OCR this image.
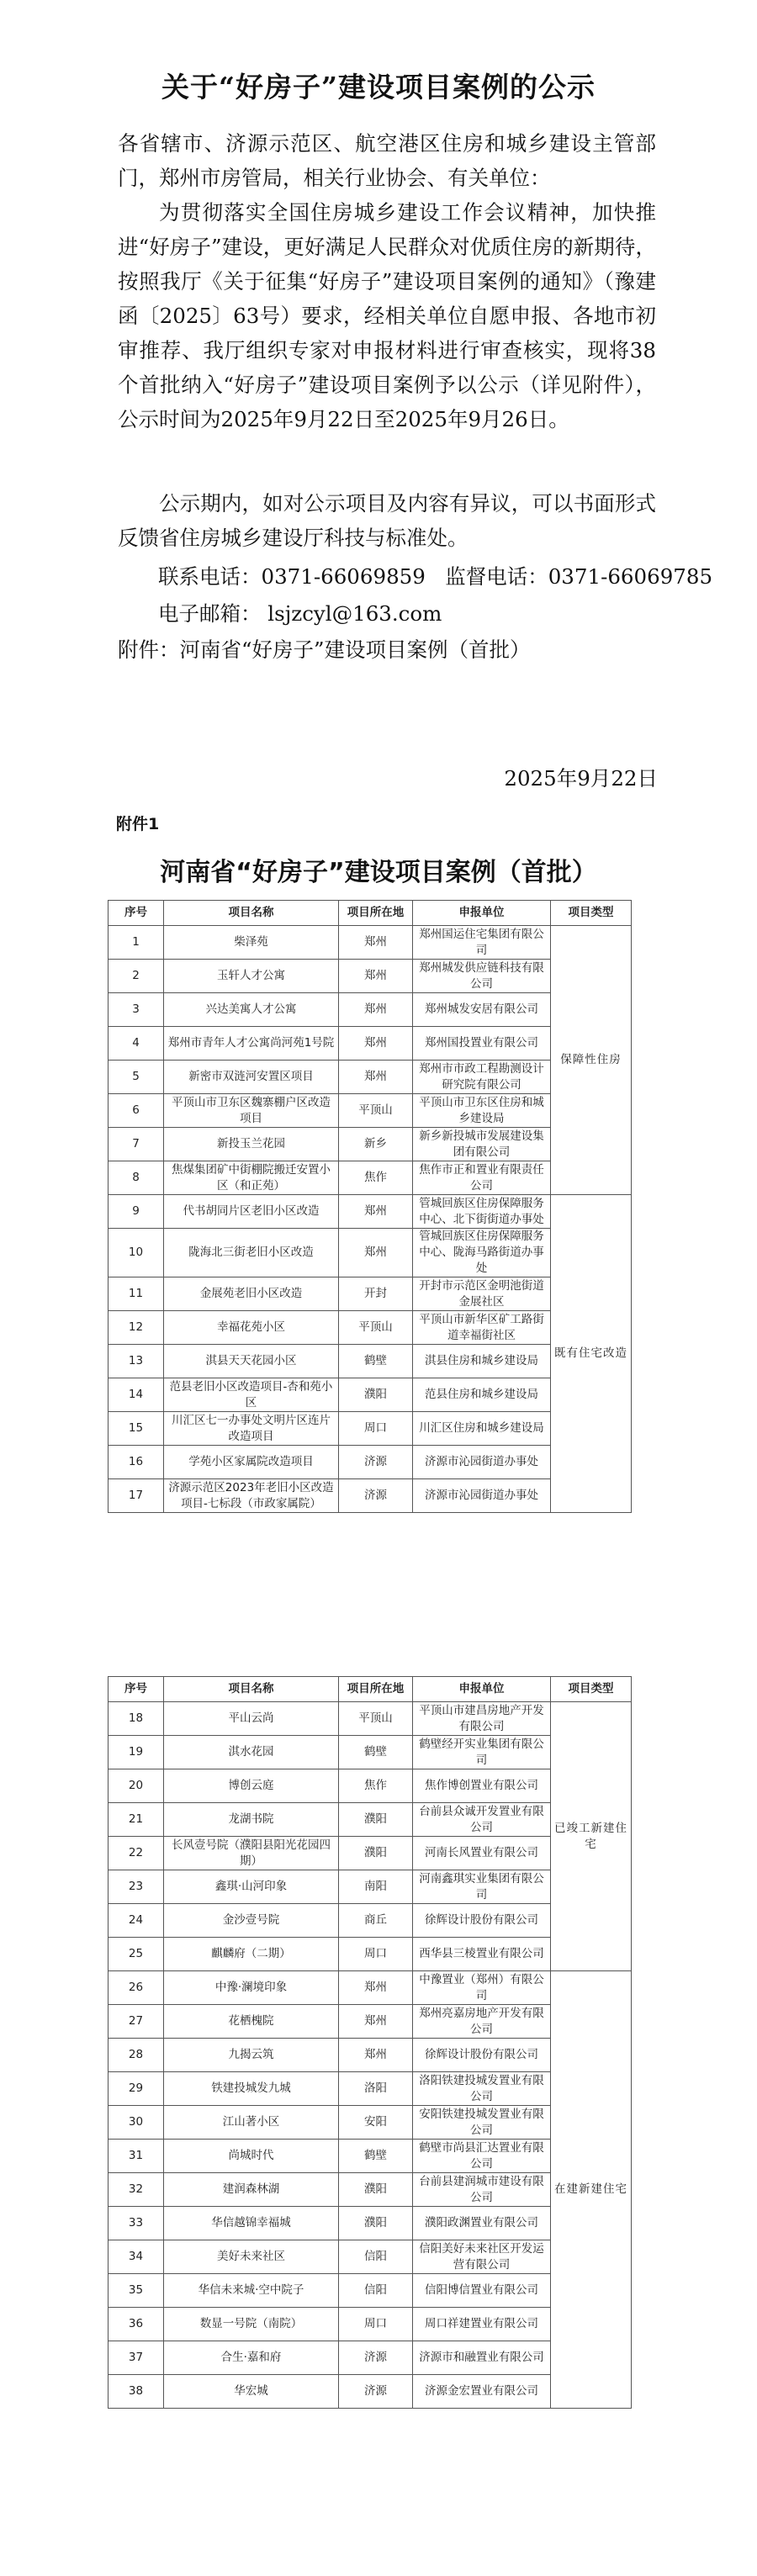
关于“好房子”建设项目案例的公示
各省辖市、济源示范区、航空港区住房和城乡建设主管部门，郑州市房管局，相关行业协会、有关单位：
为贯彻落实全国住房城乡建设工作会议精神，加快推进“好房子”建设，更好满足人民群众对优质住房的新期待，按照我厅《关于征集“好房子”建设项目案例的通知》（豫建函〔2025〕63号）要求，经相关单位自愿申报、各地市初审推荐、我厅组织专家对申报材料进行审查核实，现将38个首批纳入“好房子”建设项目案例予以公示（详见附件），公示时间为2025年9月22日至2025年9月26日。
公示期内，如对公示项目及内容有异议，可以书面形式反馈省住房城乡建设厅科技与标准处。
联系电话：0371-66069859 监督电话：0371-66069785
电子邮箱： lsjzcyl@163.com
附件：河南省“好房子”建设项目案例（首批）
2025年9月22日
附件1
河南省“好房子”建设项目案例（首批）
序号	项目名称	项目所在地	申报单位	项目类型
1	柴泽苑	郑州	郑州国运住宅集团有限公司	保障性住房
2	玉轩人才公寓	郑州	郑州城发供应链科技有限公司	
3	兴达美寓人才公寓	郑州	郑州城发安居有限公司	
4	郑州市青年人才公寓尚河苑1号院	郑州	郑州国投置业有限公司	
5	新密市双涟河安置区项目	郑州	郑州市市政工程勘测设计研究院有限公司	
6	平顶山市卫东区魏寨棚户区改造项目	平顶山	平顶山市卫东区住房和城乡建设局	
7	新投玉兰花园	新乡	新乡新投城市发展建设集团有限公司	
8	焦煤集团矿中街棚院搬迁安置小区（和正苑）	焦作	焦作市正和置业有限责任公司	
9	代书胡同片区老旧小区改造	郑州	管城回族区住房保障服务中心、北下街街道办事处	既有住宅改造
10	陇海北三街老旧小区改造	郑州	管城回族区住房保障服务中心、陇海马路街道办事处	
11	金展苑老旧小区改造	开封	开封市示范区金明池街道金展社区	
12	幸福花苑小区	平顶山	平顶山市新华区矿工路街道幸福街社区	
13	淇县天天花园小区	鹤壁	淇县住房和城乡建设局	
14	范县老旧小区改造项目-杏和苑小区	濮阳	范县住房和城乡建设局	
15	川汇区七一办事处文明片区连片改造项目	周口	川汇区住房和城乡建设局	
16	学苑小区家属院改造项目	济源	济源市沁园街道办事处	
17	济源示范区2023年老旧小区改造项目-七标段（市政家属院）	济源	济源市沁园街道办事处	
序号	项目名称	项目所在地	申报单位	项目类型
18	平山云尚	平顶山	平顶山市建昌房地产开发有限公司	已竣工新建住宅
19	淇水花园	鹤壁	鹤壁经开实业集团有限公司	
20	博创云庭	焦作	焦作博创置业有限公司	
21	龙湖书院	濮阳	台前县众诚开发置业有限公司	
22	长风壹号院（濮阳县阳光花园四期）	濮阳	河南长风置业有限公司	
23	鑫琪·山河印象	南阳	河南鑫琪实业集团有限公司	
24	金沙壹号院	商丘	徐辉设计股份有限公司	
25	麒麟府（二期）	周口	西华县三棱置业有限公司	
26	中豫·澜境印象	郑州	中豫置业（郑州）有限公司	在建新建住宅
27	花栖槐院	郑州	郑州亮嘉房地产开发有限公司	
28	九揭云筑	郑州	徐辉设计股份有限公司	
29	铁建投城发九城	洛阳	洛阳铁建投城发置业有限公司	
30	江山著小区	安阳	安阳铁建投城发置业有限公司	
31	尚城时代	鹤壁	鹤壁市尚县汇达置业有限公司	
32	建润森林湖	濮阳	台前县建润城市建设有限公司	
33	华信越锦幸福城	濮阳	濮阳政渊置业有限公司	
34	美好未来社区	信阳	信阳美好未来社区开发运营有限公司	
35	华信未来城·空中院子	信阳	信阳博信置业有限公司	
36	数显一号院（南院）	周口	周口祥建置业有限公司	
37	合生·嘉和府	济源	济源市和融置业有限公司	
38	华宏城	济源	济源金宏置业有限公司	
